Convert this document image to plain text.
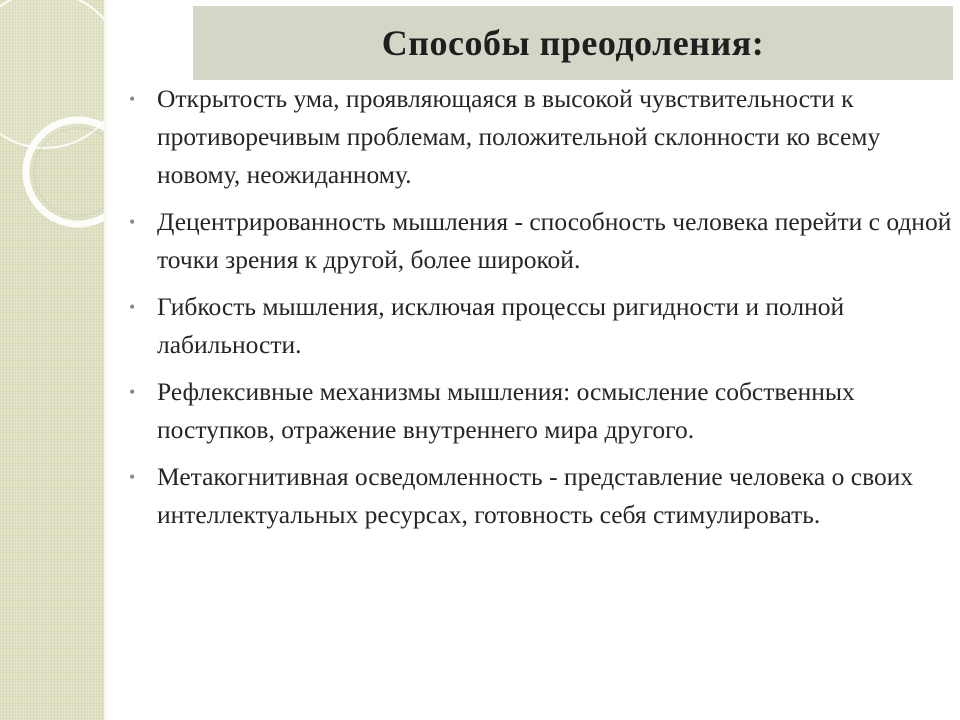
Способы преодоления:
• Открытость ума, проявляющаяся в высокой чувствительности к противоречивым проблемам, положительной склонности ко всему новому, неожиданному.
• Децентрированность мышления - способность человека перейти с одной точки зрения к другой, более широкой.
• Гибкость мышления, исключая процессы ригидности и полной лабильности.
• Рефлексивные механизмы мышления: осмысление собственных поступков, отражение внутреннего мира другого.
• Метакогнитивная осведомленность - представление человека о своих интеллектуальных ресурсах, готовность себя стимулировать.
